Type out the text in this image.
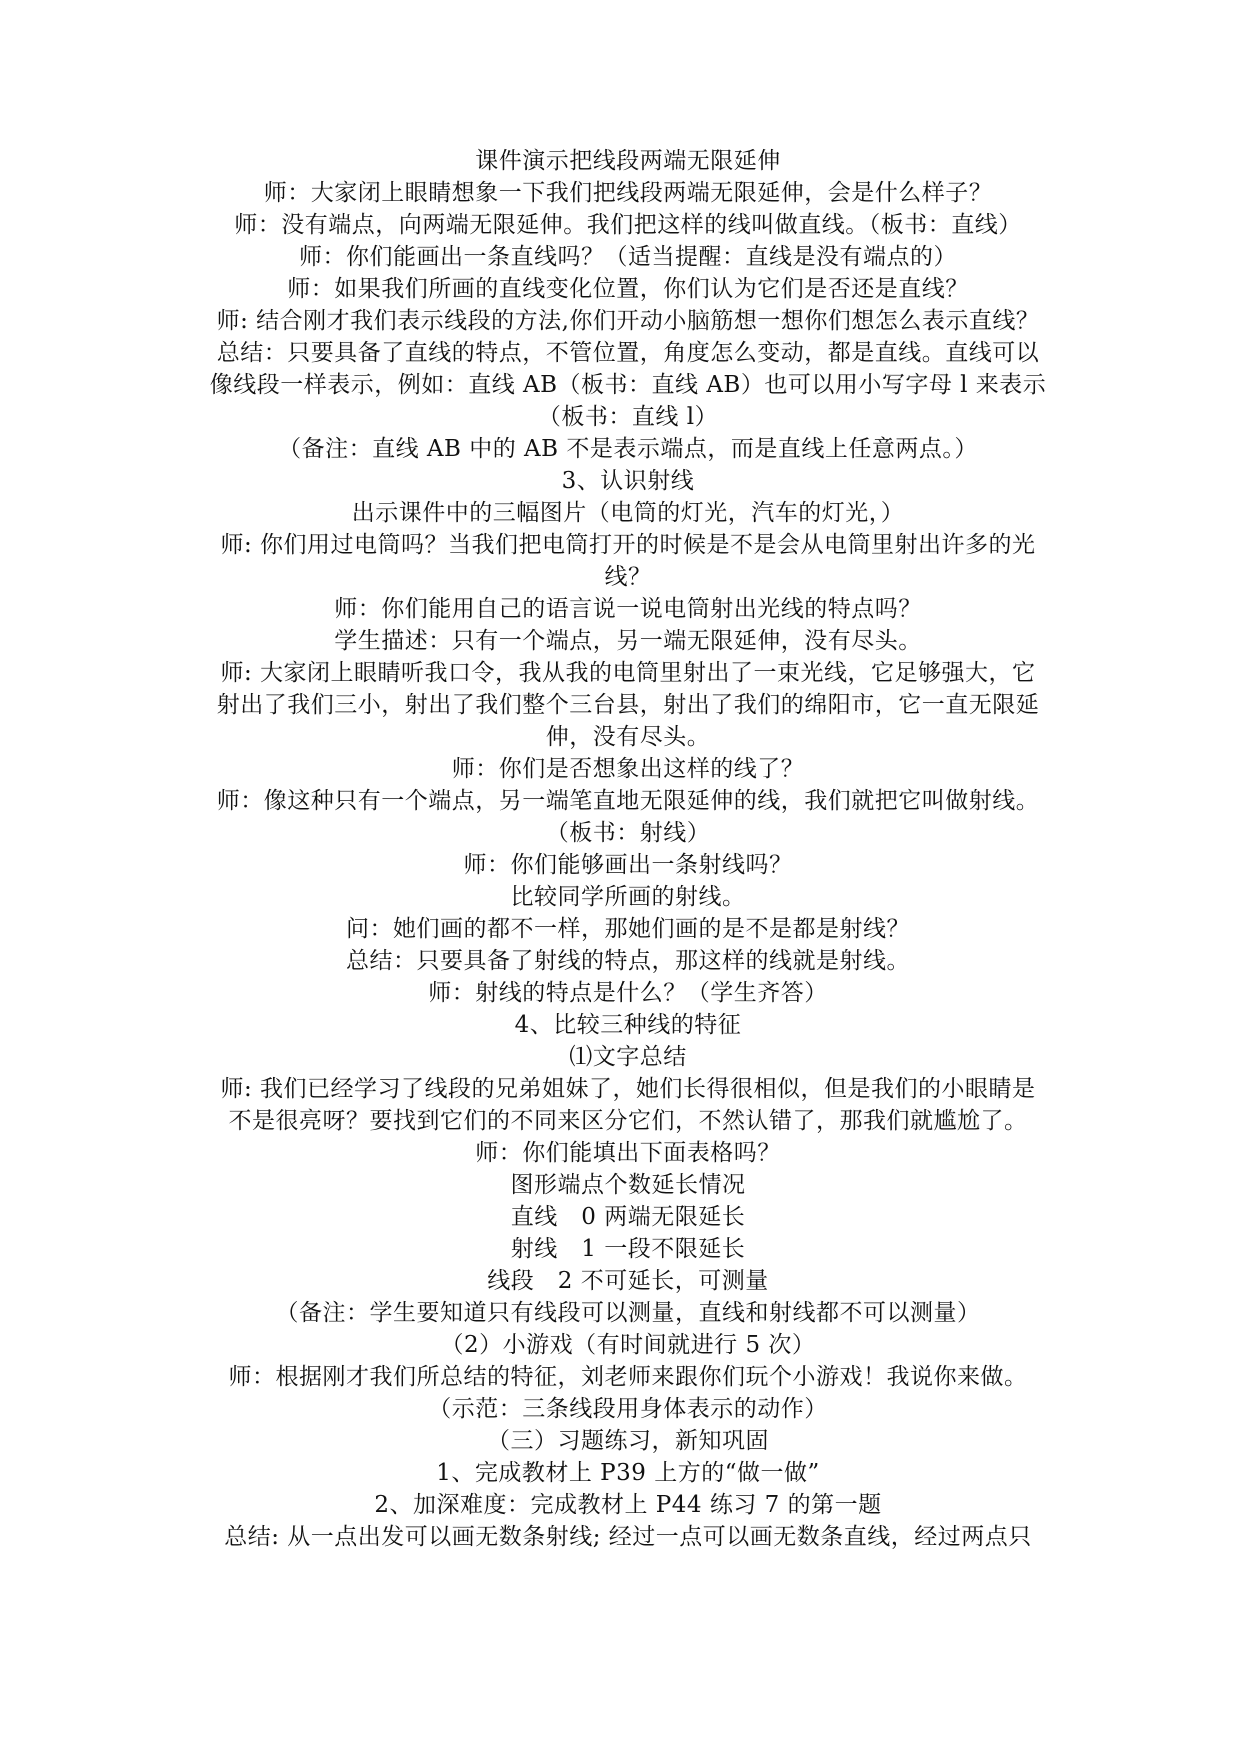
课件演示把线段两端无限延伸
师：大家闭上眼睛想象一下我们把线段两端无限延伸，会是什么样子？
师：没有端点，向两端无限延伸。我们把这样的线叫做直线。（板书：直线）
师：你们能画出一条直线吗？（适当提醒：直线是没有端点的）
师：如果我们所画的直线变化位置，你们认为它们是否还是直线？
师: 结合刚才我们表示线段的方法,你们开动小脑筋想一想你们想怎么表示直线？
总结：只要具备了直线的特点，不管位置，角度怎么变动，都是直线。直线可以
像线段一样表示，例如：直线 AB（板书：直线 AB）也可以用小写字母 l 来表示
（板书：直线 l）
（备注：直线 AB 中的 AB 不是表示端点，而是直线上任意两点。）
3、认识射线
出示课件中的三幅图片（电筒的灯光，汽车的灯光，）
师: 你们用过电筒吗？当我们把电筒打开的时候是不是会从电筒里射出许多的光
线？
师：你们能用自己的语言说一说电筒射出光线的特点吗？
学生描述：只有一个端点，另一端无限延伸，没有尽头。
师: 大家闭上眼睛听我口令，我从我的电筒里射出了一束光线，它足够强大，它
射出了我们三小，射出了我们整个三台县，射出了我们的绵阳市，它一直无限延
伸，没有尽头。
师：你们是否想象出这样的线了？
师：像这种只有一个端点，另一端笔直地无限延伸的线，我们就把它叫做射线。
（板书：射线）
师：你们能够画出一条射线吗？
比较同学所画的射线。
问：她们画的都不一样，那她们画的是不是都是射线？
总结：只要具备了射线的特点，那这样的线就是射线。
师：射线的特点是什么？（学生齐答）
4、比较三种线的特征
⑴文字总结
师: 我们已经学习了线段的兄弟姐妹了，她们长得很相似，但是我们的小眼睛是
不是很亮呀？要找到它们的不同来区分它们，不然认错了，那我们就尴尬了。
师：你们能填出下面表格吗？
图形端点个数延长情况
直线　0 两端无限延长
射线　1 一段不限延长
线段　2 不可延长，可测量
（备注：学生要知道只有线段可以测量，直线和射线都不可以测量）
（2）小游戏（有时间就进行 5 次）
师：根据刚才我们所总结的特征，刘老师来跟你们玩个小游戏！我说你来做。
（示范：三条线段用身体表示的动作）
（三）习题练习，新知巩固
1、完成教材上 P39 上方的“做一做”
2、加深难度：完成教材上 P44 练习 7 的第一题
总结: 从一点出发可以画无数条射线; 经过一点可以画无数条直线，经过两点只
